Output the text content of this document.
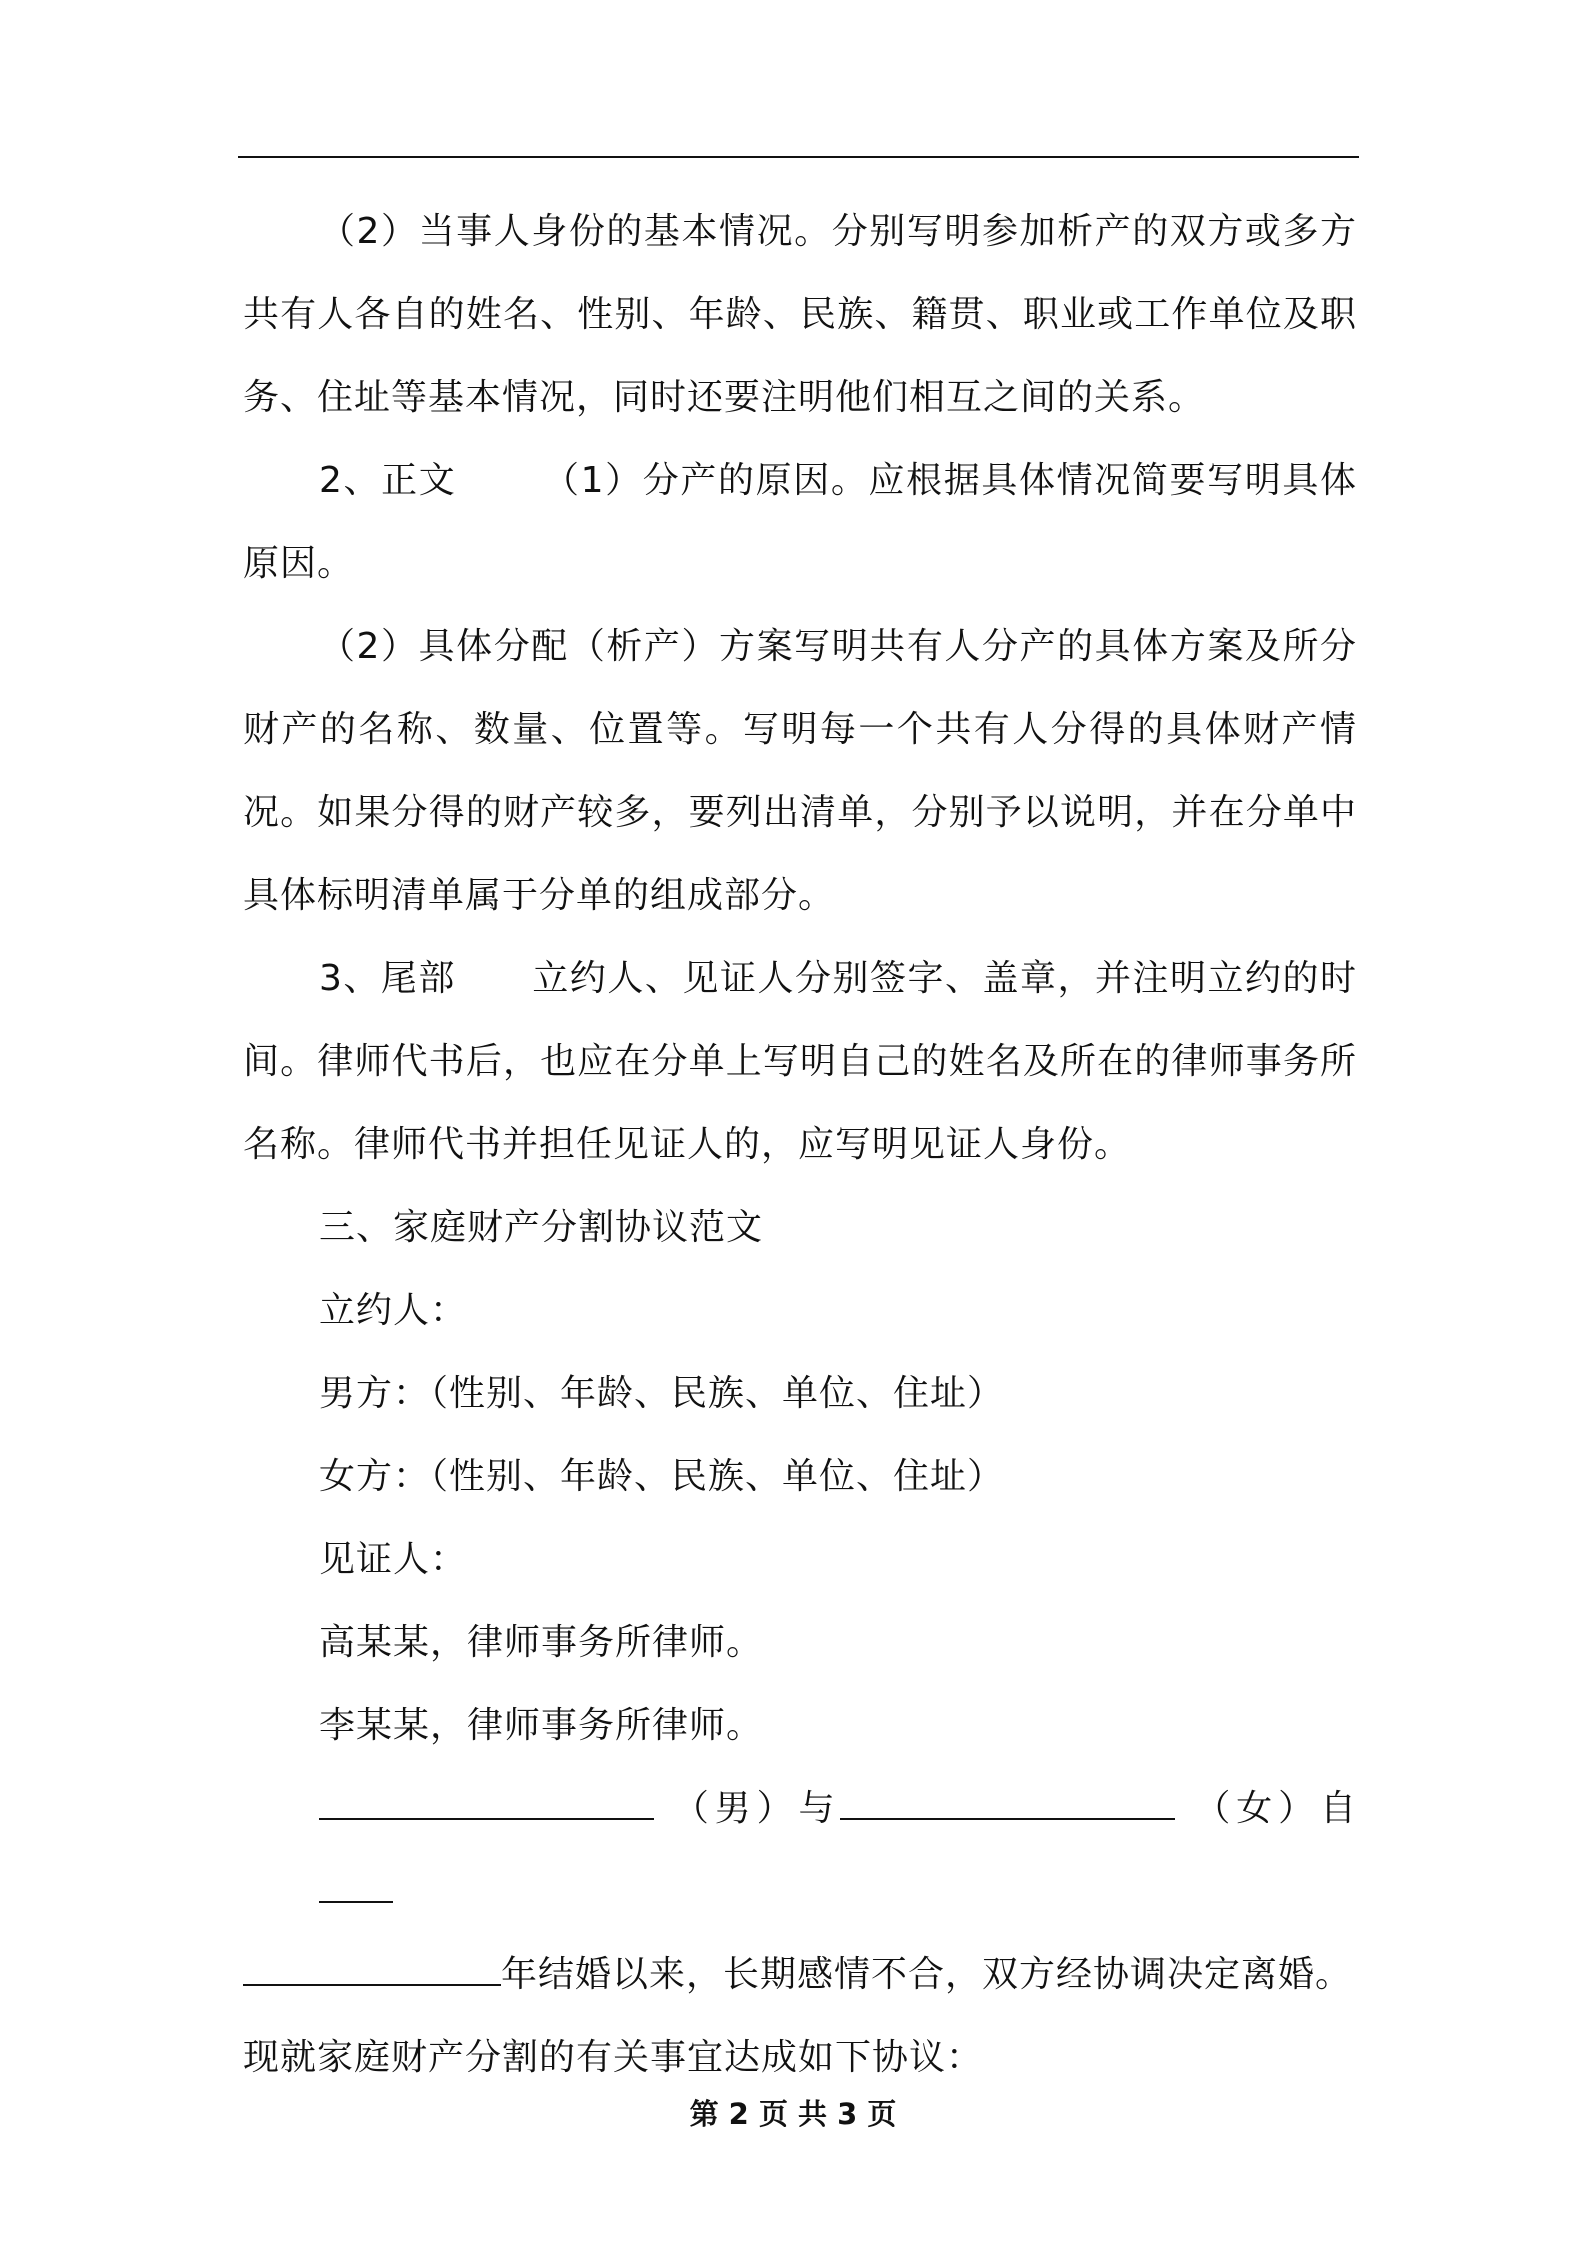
（2）当事人身份的基本情况。分别写明参加析产的双方或多方共有人各自的姓名、性别、年龄、民族、籍贯、职业或工作单位及职务、住址等基本情况，同时还要注明他们相互之间的关系。

2、正文 （1）分产的原因。应根据具体情况简要写明具体原因。

（2）具体分配（析产）方案写明共有人分产的具体方案及所分财产的名称、数量、位置等。写明每一个共有人分得的具体财产情况。如果分得的财产较多，要列出清单，分别予以说明，并在分单中具体标明清单属于分单的组成部分。

3、尾部 立约人、见证人分别签字、盖章，并注明立约的时间。律师代书后，也应在分单上写明自己的姓名及所在的律师事务所名称。律师代书并担任见证人的，应写明见证人身份。

三、家庭财产分割协议范文

立约人：

男方：（性别、年龄、民族、单位、住址）

女方：（性别、年龄、民族、单位、住址）

见证人：

高某某，律师事务所律师。

李某某，律师事务所律师。

（男）与	（女）自

年结婚以来，长期感情不合，双方经协调决定离婚。

现就家庭财产分割的有关事宜达成如下协议：

第 2 页 共 3 页
